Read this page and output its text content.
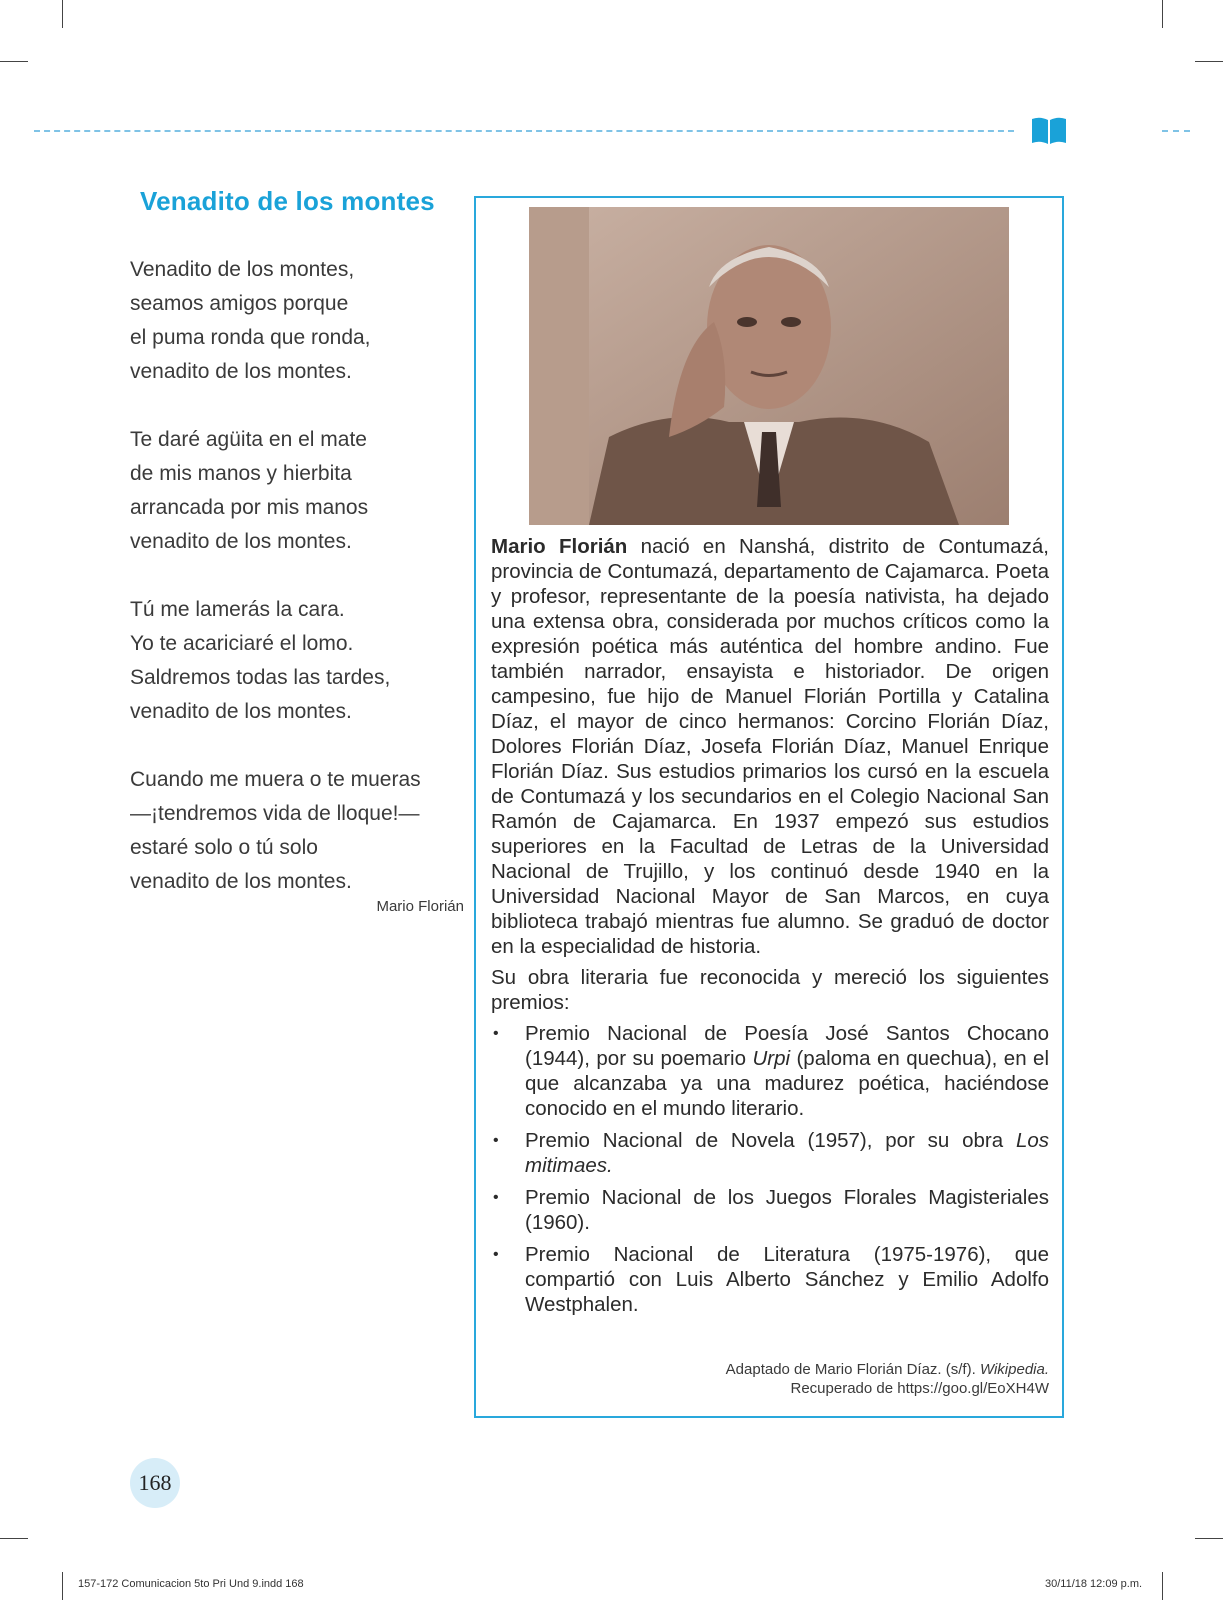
Venadito de los montes
Venadito de los montes,
seamos amigos porque
el puma ronda que ronda,
venadito de los montes.
Te daré agüita en el mate
de mis manos y hierbita
arrancada por mis manos
venadito de los montes.
Tú me lamerás la cara.
Yo te acariciaré el lomo.
Saldremos todas las tardes,
venadito de los montes.
Cuando me muera o te mueras
—¡tendremos vida de lloque!—
estaré solo o tú solo
venadito de los montes.
Mario Florián

Mario Florián nació en Nanshá, distrito de Contumazá, provincia de Contumazá, departamento de Cajamarca. Poeta y profesor, representante de la poesía nativista, ha dejado una extensa obra, considerada por muchos críticos como la expresión poética más auténtica del hombre andino. Fue también narrador, ensayista e historiador. De origen campesino, fue hijo de Manuel Florián Portilla y Catalina Díaz, el mayor de cinco hermanos: Corcino Florián Díaz, Dolores Florián Díaz, Josefa Florián Díaz, Manuel Enrique Florián Díaz. Sus estudios primarios los cursó en la escuela de Contumazá y los secundarios en el Colegio Nacional San Ramón de Cajamarca. En 1937 empezó sus estudios superiores en la Facultad de Letras de la Universidad Nacional de Trujillo, y los continuó desde 1940 en la Universidad Nacional Mayor de San Marcos, en cuya biblioteca trabajó mientras fue alumno. Se graduó de doctor en la especialidad de historia.

Su obra literaria fue reconocida y mereció los siguientes premios:

• Premio Nacional de Poesía José Santos Chocano (1944), por su poemario Urpi (paloma en quechua), en el que alcanzaba ya una madurez poética, haciéndose conocido en el mundo literario.
• Premio Nacional de Novela (1957), por su obra Los mitimaes.
• Premio Nacional de los Juegos Florales Magisteriales (1960).
• Premio Nacional de Literatura (1975-1976), que compartió con Luis Alberto Sánchez y Emilio Adolfo Westphalen.
Adaptado de Mario Florián Díaz. (s/f). Wikipedia.
Recuperado de https://goo.gl/EoXH4W
168
157-172 Comunicacion 5to Pri Und 9.indd 168	30/11/18 12:09 p.m.
